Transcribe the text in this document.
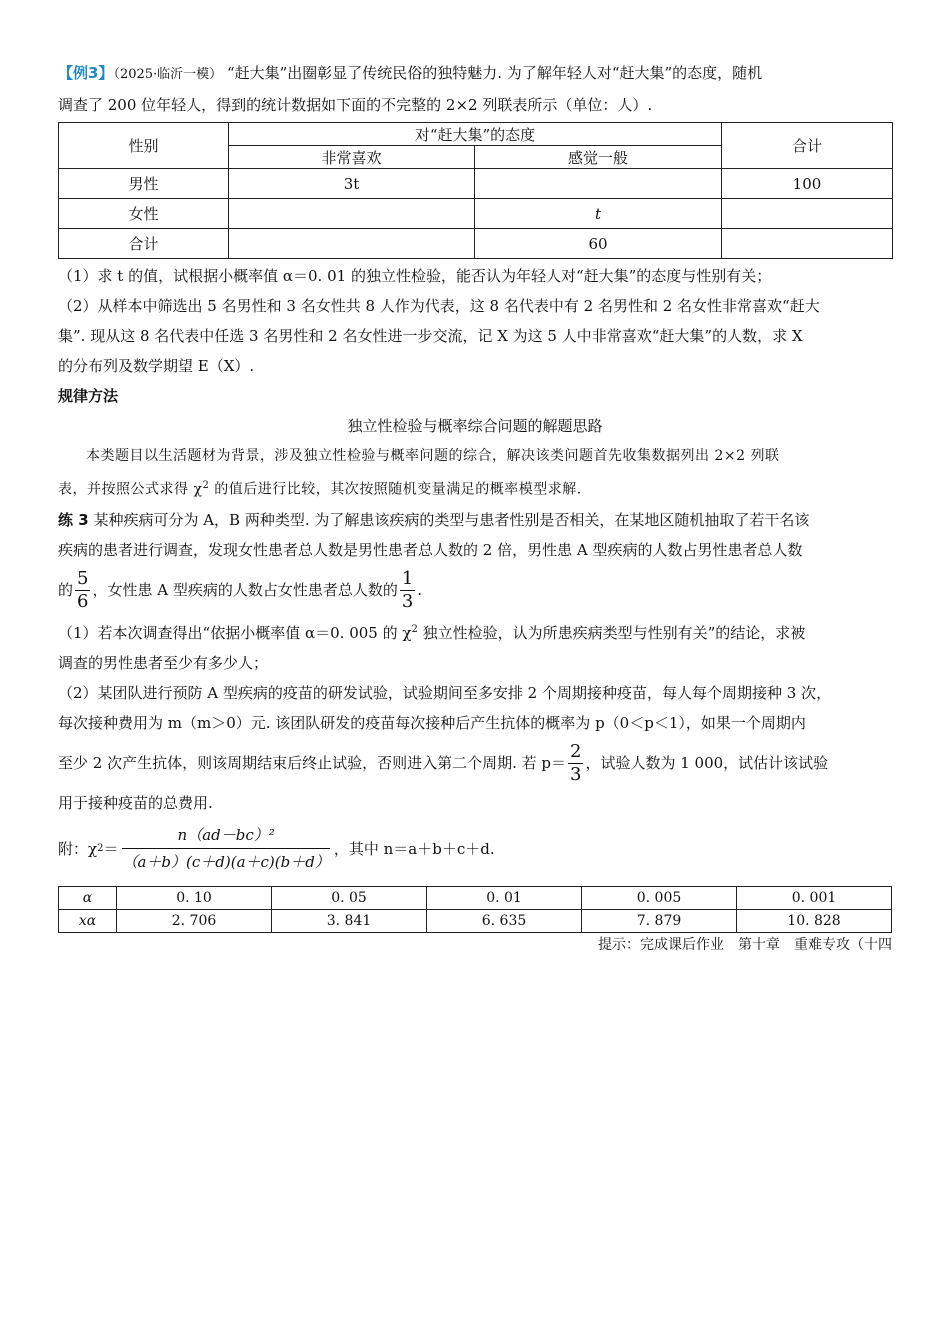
【例3】（2025·临沂一模） “赶大集”出圈彰显了传统民俗的独特魅力. 为了解年轻人对“赶大集”的态度，随机

调查了 200 位年轻人，得到的统计数据如下面的不完整的 2×2 列联表所示（单位：人）.

性别	对“赶大集”的态度		合计
	非常喜欢	感觉一般	
男性	3t		100
女性		t	
合计		60	

（1）求 t 的值，试根据小概率值 α＝0. 01 的独立性检验，能否认为年轻人对“赶大集”的态度与性别有关；

（2）从样本中筛选出 5 名男性和 3 名女性共 8 人作为代表，这 8 名代表中有 2 名男性和 2 名女性非常喜欢“赶大

集”. 现从这 8 名代表中任选 3 名男性和 2 名女性进一步交流，记 X 为这 5 人中非常喜欢“赶大集”的人数，求 X

的分布列及数学期望 E（X）.

规律方法

独立性检验与概率综合问题的解题思路

本类题目以生活题材为背景，涉及独立性检验与概率问题的综合，解决该类问题首先收集数据列出 2×2 列联

表，并按照公式求得 $\chi^2$ 的值后进行比较，其次按照随机变量满足的概率模型求解.

练 3 某种疾病可分为 A，B 两种类型. 为了解患该疾病的类型与患者性别是否相关，在某地区随机抽取了若干名该

疾病的患者进行调查，发现女性患者总人数是男性患者总人数的 2 倍，男性患 A 型疾病的人数占男性患者总人数

的 $\frac{5}{6}$ ，女性患 A 型疾病的人数占女性患者总人数的 $\frac{1}{3}$ .

（1）若本次调查得出“依据小概率值 α＝0. 005 的 $\chi^2$ 独立性检验，认为所患疾病类型与性别有关”的结论，求被

调查的男性患者至少有多少人；

（2）某团队进行预防 A 型疾病的疫苗的研发试验，试验期间至多安排 2 个周期接种疫苗，每人每个周期接种 3 次，

每次接种费用为 m（m＞0）元. 该团队研发的疫苗每次接种后产生抗体的概率为 p（0＜p＜1），如果一个周期内

至少 2 次产生抗体，则该周期结束后终止试验，否则进入第二个周期. 若 $p= \frac{2}{3}$ ，试验人数为 1 000，试估计该试验

用于接种疫苗的总费用.

附：χ $2 = \frac{\text{n（ad－bc）²}}{(a+b)(c+d)(a+c)(b+d)}$ ，其中 n＝a＋b＋c＋d.
α	0. 10	0. 05	0. 01	0. 005	0. 001
xα	2. 706	3. 841	6. 635	7. 879	10. 828
提示：完成课后作业　第十章　重难专攻（十四
